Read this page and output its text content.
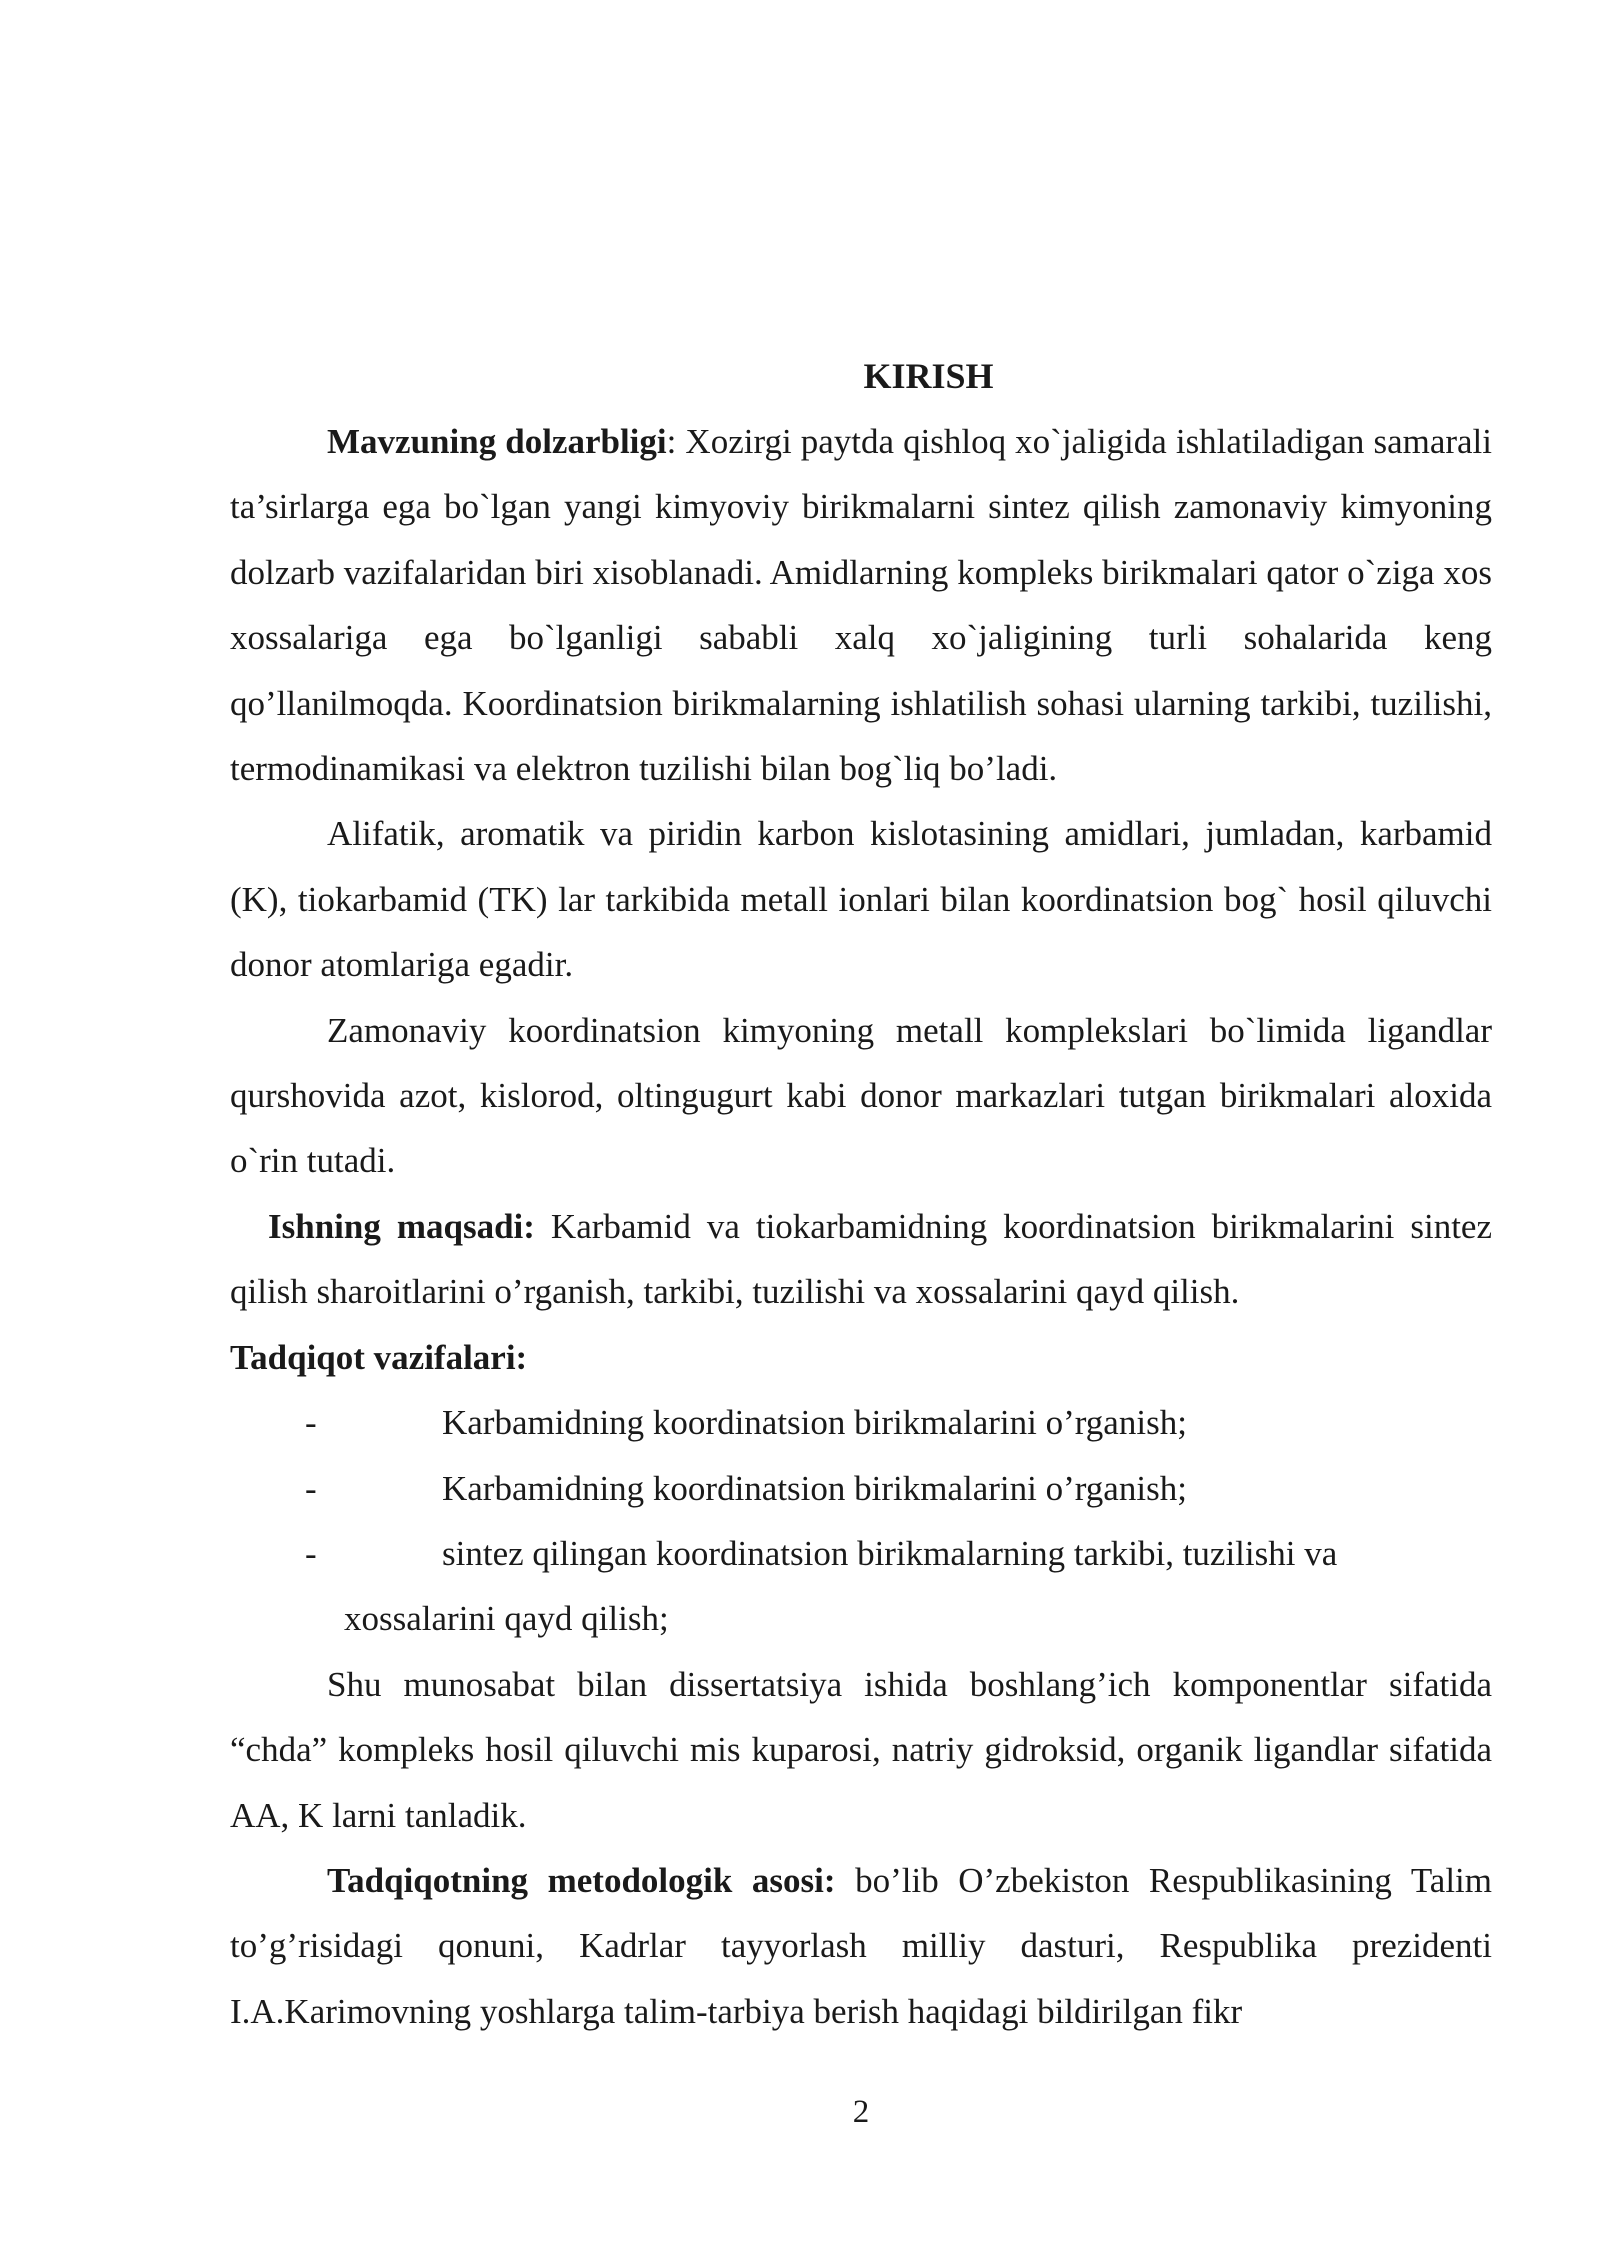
KIRISH

Mavzuning dolzarbligi: Xozirgi paytda qishloq xo`jaligida ishlatiladigan samarali ta’sirlarga ega bo`lgan yangi kimyoviy birikmalarni sintez qilish zamonaviy kimyoning dolzarb vazifalaridan biri xisoblanadi. Amidlarning kompleks birikmalari qator o`ziga xos xossalariga ega bo`lganligi sababli xalq xo`jaligining turli sohalarida keng qo’llanilmoqda. Koordinatsion birikmalarning ishlatilish sohasi ularning tarkibi, tuzilishi, termodinamikasi va elektron tuzilishi bilan bog`liq bo’ladi.

Alifatik, aromatik va piridin karbon kislotasining amidlari, jumladan, karbamid (K), tiokarbamid (TK) lar tarkibida metall ionlari bilan koordinatsion bog` hosil qiluvchi donor atomlariga egadir.

Zamonaviy koordinatsion kimyoning metall komplekslari bo`limida ligandlar qurshovida azot, kislorod, oltingugurt kabi donor markazlari tutgan birikmalari aloxida o`rin tutadi.

Ishning maqsadi: Karbamid va tiokarbamidning koordinatsion birikmalarini sintez qilish sharoitlarini o’rganish, tarkibi, tuzilishi va xossalarini qayd qilish.

Tadqiqot vazifalari:

-	Karbamidning koordinatsion birikmalarini o’rganish;
-	Karbamidning koordinatsion birikmalarini o’rganish;
-	sintez qilingan koordinatsion birikmalarning tarkibi, tuzilishi va
xossalarini qayd qilish;

Shu munosabat bilan dissertatsiya ishida boshlang’ich komponentlar sifatida “chda” kompleks hosil qiluvchi mis kuparosi, natriy gidroksid, organik ligandlar sifatida AA, K larni tanladik.

Tadqiqotning metodologik asosi: bo’lib O’zbekiston Respublikasining Talim to’g’risidagi qonuni, Kadrlar tayyorlash milliy dasturi, Respublika prezidenti I.A.Karimovning yoshlarga talim-tarbiya berish haqidagi bildirilgan fikr

2
